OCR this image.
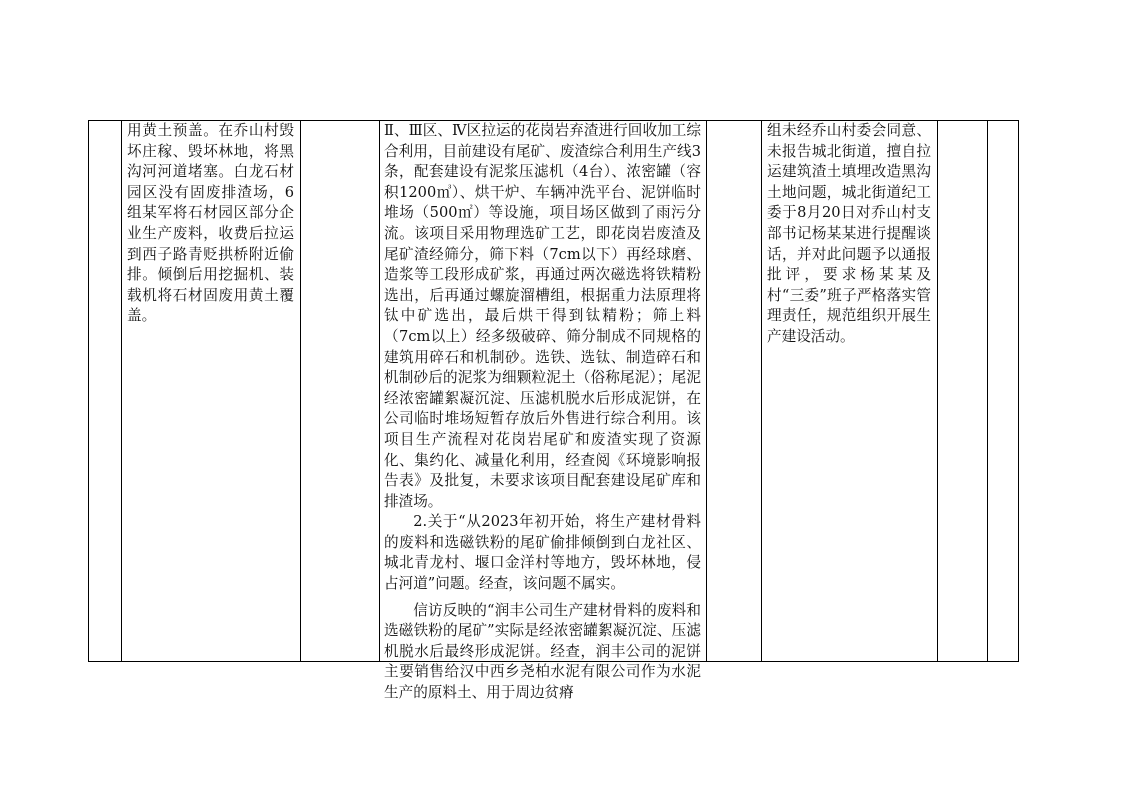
用黄土预盖。在乔山村毁坏庄稼、毁坏林地，将黑沟河河道堵塞。白龙石材园区没有固废排渣场，6组某军将石材园区部分企业生产废料，收费后拉运到西子路青贬拱桥附近偷排。倾倒后用挖掘机、装载机将石材固废用黄土覆盖。

Ⅱ、Ⅲ区、Ⅳ区拉运的花岗岩弃渣进行回收加工综合利用，目前建设有尾矿、废渣综合利用生产线3条，配套建设有泥浆压滤机（4台）、浓密罐（容积1200㎥）、烘干炉、车辆冲洗平台、泥饼临时堆场（500㎡）等设施，项目场区做到了雨污分流。该项目采用物理选矿工艺，即花岗岩废渣及尾矿渣经筛分，筛下料（7cm以下）再经球磨、造浆等工段形成矿浆，再通过两次磁选将铁精粉选出，后再通过螺旋溜槽组，根据重力法原理将钛中矿选出，最后烘干得到钛精粉；筛上料（7cm以上）经多级破碎、筛分制成不同规格的建筑用碎石和机制砂。选铁、选钛、制造碎石和机制砂后的泥浆为细颗粒泥土（俗称尾泥）；尾泥经浓密罐絮凝沉淀、压滤机脱水后形成泥饼，在公司临时堆场短暂存放后外售进行综合利用。该项目生产流程对花岗岩尾矿和废渣实现了资源化、集约化、减量化利用，经查阅《环境影响报告表》及批复，未要求该项目配套建设尾矿库和排渣场。

2.关于“从2023年初开始，将生产建材骨料的废料和选磁铁粉的尾矿偷排倾倒到白龙社区、城北青龙村、堰口金洋村等地方，毁坏林地，侵占河道”问题。经查，该问题不属实。

信访反映的“润丰公司生产建材骨料的废料和选磁铁粉的尾矿”实际是经浓密罐絮凝沉淀、压滤机脱水后最终形成泥饼。经查，润丰公司的泥饼主要销售给汉中西乡尧柏水泥有限公司作为水泥生产的原料土、用于周边贫瘠

组未经乔山村委会同意、未报告城北街道，擅自拉运建筑渣土填埋改造黑沟土地问题，城北街道纪工委于8月20日对乔山村支部书记杨某某进行提醒谈话，并对此问题予以通报批评，要求杨某某及村“三委”班子严格落实管理责任，规范组织开展生产建设活动。
